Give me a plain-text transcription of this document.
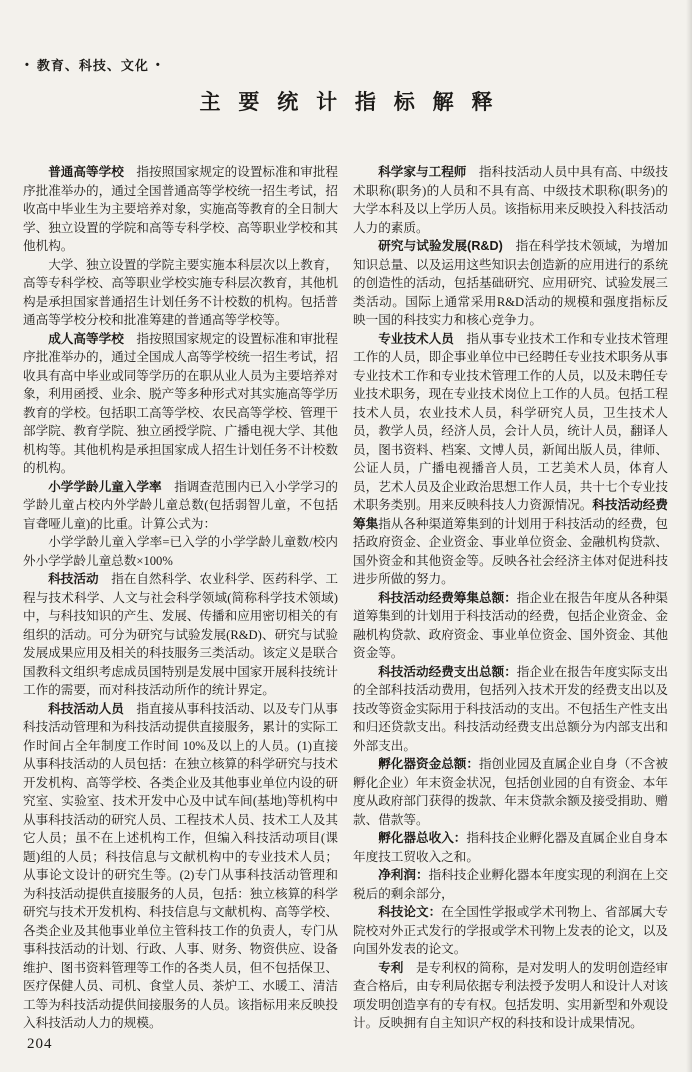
• 教育、科技、文化 •
主要统计指标解释

普通高等学校　指按照国家规定的设置标准和审批程序批准举办的，通过全国普通高等学校统一招生考试，招收高中毕业生为主要培养对象，实施高等教育的全日制大学、独立设置的学院和高等专科学校、高等职业学校和其他机构。

大学、独立设置的学院主要实施本科层次以上教育，高等专科学校、高等职业学校实施专科层次教育，其他机构是承担国家普通招生计划任务不计校数的机构。包括普通高等学校分校和批准筹建的普通高等学校等。

成人高等学校　指按照国家规定的设置标准和审批程序批准举办的，通过全国成人高等学校统一招生考试，招收具有高中毕业或同等学历的在职从业人员为主要培养对象，利用函授、业余、脱产等多种形式对其实施高等学历教育的学校。包括职工高等学校、农民高等学校、管理干部学院、教育学院、独立函授学院、广播电视大学、其他机构等。其他机构是承担国家成人招生计划任务不计校数的机构。

小学学龄儿童入学率　指调查范围内已入小学学习的学龄儿童占校内外学龄儿童总数(包括弱智儿童，不包括盲聋哑儿童)的比重。计算公式为：

小学学龄儿童入学率=已入学的小学学龄儿童数/校内外小学学龄儿童总数×100%

科技活动　指在自然科学、农业科学、医药科学、工程与技术科学、人文与社会科学领域(简称科学技术领域)中，与科技知识的产生、发展、传播和应用密切相关的有组织的活动。可分为研究与试验发展(R&D)、研究与试验发展成果应用及相关的科技服务三类活动。该定义是联合国教科文组织考虑成员国特别是发展中国家开展科技统计工作的需要，而对科技活动所作的统计界定。

科技活动人员　指直接从事科技活动、以及专门从事科技活动管理和为科技活动提供直接服务，累计的实际工作时间占全年制度工作时间 10%及以上的人员。(1)直接从事科技活动的人员包括：在独立核算的科学研究与技术开发机构、高等学校、各类企业及其他事业单位内设的研究室、实验室、技术开发中心及中试车间(基地)等机构中从事科技活动的研究人员、工程技术人员、技术工人及其它人员；虽不在上述机构工作，但编入科技活动项目(课题)组的人员；科技信息与文献机构中的专业技术人员；从事论文设计的研究生等。(2)专门从事科技活动管理和为科技活动提供直接服务的人员，包括：独立核算的科学研究与技术开发机构、科技信息与文献机构、高等学校、各类企业及其他事业单位主管科技工作的负责人，专门从事科技活动的计划、行政、人事、财务、物资供应、设备维护、图书资料管理等工作的各类人员，但不包括保卫、医疗保健人员、司机、食堂人员、茶炉工、水暖工、清洁工等为科技活动提供间接服务的人员。该指标用来反映投入科技活动人力的规模。

科学家与工程师　指科技活动人员中具有高、中级技术职称(职务)的人员和不具有高、中级技术职称(职务)的大学本科及以上学历人员。该指标用来反映投入科技活动人力的素质。

研究与试验发展(R&D)　指在科学技术领域，为增加知识总量、以及运用这些知识去创造新的应用进行的系统的创造性的活动，包括基础研究、应用研究、试验发展三类活动。国际上通常采用R&D活动的规模和强度指标反映一国的科技实力和核心竞争力。

专业技术人员　指从事专业技术工作和专业技术管理工作的人员，即企事业单位中已经聘任专业技术职务从事专业技术工作和专业技术管理工作的人员，以及未聘任专业技术职务，现在专业技术岗位上工作的人员。包括工程技术人员，农业技术人员，科学研究人员，卫生技术人员，教学人员，经济人员，会计人员，统计人员，翻译人员，图书资料、档案、文博人员，新闻出版人员，律师、公证人员，广播电视播音人员，工艺美术人员，体育人员，艺术人员及企业政治思想工作人员，共十七个专业技术职务类别。用来反映科技人力资源情况。科技活动经费筹集指从各种渠道筹集到的计划用于科技活动的经费，包括政府资金、企业资金、事业单位资金、金融机构贷款、国外资金和其他资金等。反映各社会经济主体对促进科技进步所做的努力。

科技活动经费筹集总额：指企业在报告年度从各种渠道筹集到的计划用于科技活动的经费，包括企业资金、金融机构贷款、政府资金、事业单位资金、国外资金、其他资金等。

科技活动经费支出总额：指企业在报告年度实际支出的全部科技活动费用，包括列入技术开发的经费支出以及技改等资金实际用于科技活动的支出。不包括生产性支出和归还贷款支出。科技活动经费支出总额分为内部支出和外部支出。

孵化器资金总额：指创业园及直属企业自身（不含被孵化企业）年末资金状况，包括创业园的自有资金、本年度从政府部门获得的拨款、年末贷款余额及接受捐助、赠款、借款等。

孵化器总收入：指科技企业孵化器及直属企业自身本年度技工贸收入之和。

净利润：指科技企业孵化器本年度实现的利润在上交税后的剩余部分，

科技论文：在全国性学报或学术刊物上、省部属大专院校对外正式发行的学报或学术刊物上发表的论文，以及向国外发表的论文。

专利　是专利权的简称，是对发明人的发明创造经审查合格后，由专利局依据专利法授予发明人和设计人对该项发明创造享有的专有权。包括发明、实用新型和外观设计。反映拥有自主知识产权的科技和设计成果情况。

204
